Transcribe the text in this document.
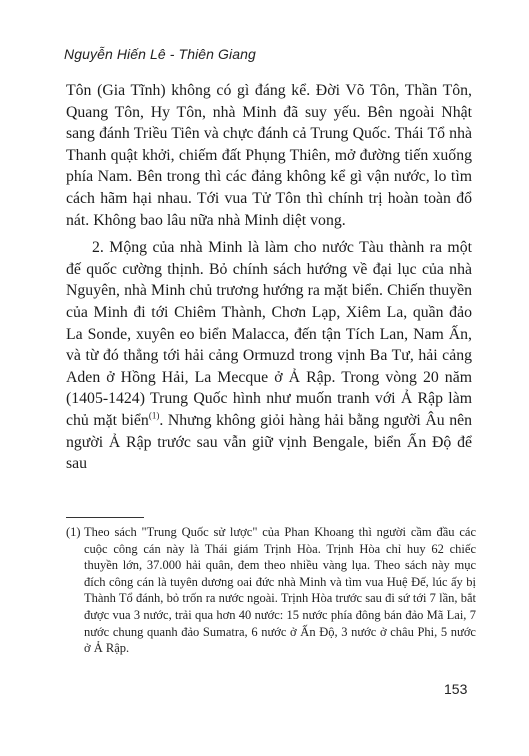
Nguyễn Hiến Lê - Thiên Giang

Tôn (Gia Tĩnh) không có gì đáng kể. Đời Võ Tôn, Thần Tôn, Quang Tôn, Hy Tôn, nhà Minh đã suy yếu. Bên ngoài Nhật sang đánh Triều Tiên và chực đánh cả Trung Quốc. Thái Tổ nhà Thanh quật khởi, chiếm đất Phụng Thiên, mở đường tiến xuống phía Nam. Bên trong thì các đảng không kể gì vận nước, lo tìm cách hãm hại nhau. Tới vua Tử Tôn thì chính trị hoàn toàn đổ nát. Không bao lâu nữa nhà Minh diệt vong.

2. Mộng của nhà Minh là làm cho nước Tàu thành ra một đế quốc cường thịnh. Bỏ chính sách hướng về đại lục của nhà Nguyên, nhà Minh chủ trương hướng ra mặt biển. Chiến thuyền của Minh đi tới Chiêm Thành, Chơn Lạp, Xiêm La, quần đảo La Sonde, xuyên eo biển Malacca, đến tận Tích Lan, Nam Ấn, và từ đó thẳng tới hải cảng Ormuzd trong vịnh Ba Tư, hải cảng Aden ở Hồng Hải, La Mecque ở Ả Rập. Trong vòng 20 năm (1405-1424) Trung Quốc hình như muốn tranh với Ả Rập làm chủ mặt biển$^{(1)}$. Nhưng không giỏi hàng hải bằng người Âu nên người Ả Rập trước sau vẫn giữ vịnh Bengale, biển Ấn Độ để sau

(1) Theo sách "Trung Quốc sử lược" của Phan Khoang thì người cầm đầu các cuộc công cán này là Thái giám Trịnh Hòa. Trịnh Hòa chỉ huy 62 chiếc thuyền lớn, 37.000 hải quân, đem theo nhiều vàng lụa. Theo sách này mục đích công cán là tuyên dương oai đức nhà Minh và tìm vua Huệ Đế, lúc ấy bị Thành Tổ đánh, bỏ trốn ra nước ngoài. Trịnh Hòa trước sau đi sứ tới 7 lần, bắt được vua 3 nước, trải qua hơn 40 nước: 15 nước phía đông bán đảo Mã Lai, 7 nước chung quanh đảo Sumatra, 6 nước ở Ấn Độ, 3 nước ở châu Phi, 5 nước ở Ả Rập.
153
